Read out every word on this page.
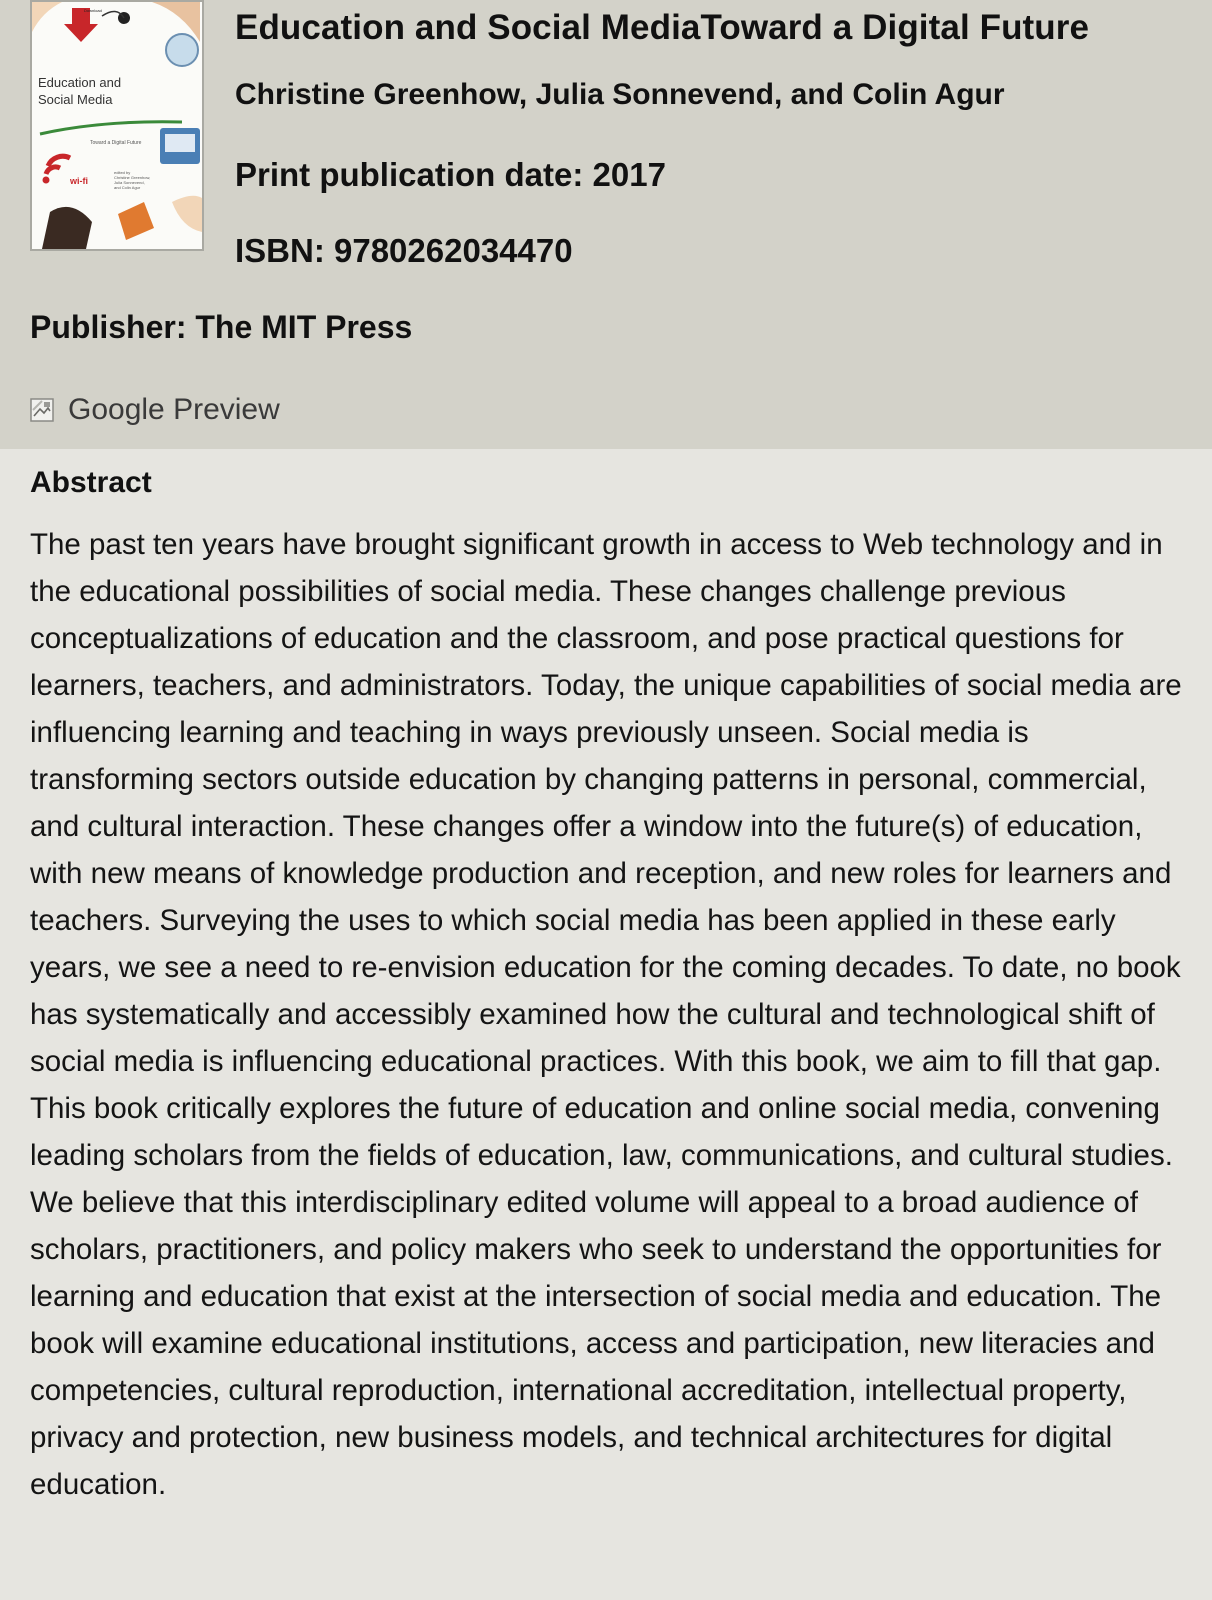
Education and
Social Media
Toward a Digital Future
wi-fi
edited by
Christine Greenhow,
Julia Sonnevend,
and Colin Agur
Download	Education and Social MediaToward a Digital Future
Christine Greenhow, Julia Sonnevend, and Colin Agur
Print publication date: 2017
ISBN: 9780262034470
Publisher: The MIT Press
Google Preview
Abstract
The past ten years have brought significant growth in access to Web technology and in the educational possibilities of social media. These changes challenge previous conceptualizations of education and the classroom, and pose practical questions for learners, teachers, and administrators. Today, the unique capabilities of social media are influencing learning and teaching in ways previously unseen. Social media is transforming sectors outside education by changing patterns in personal, commercial, and cultural interaction. These changes offer a window into the future(s) of education, with new means of knowledge production and reception, and new roles for learners and teachers. Surveying the uses to which social media has been applied in these early years, we see a need to re-envision education for the coming decades. To date, no book has systematically and accessibly examined how the cultural and technological shift of social media is influencing educational practices. With this book, we aim to fill that gap. This book critically explores the future of education and online social media, convening leading scholars from the fields of education, law, communications, and cultural studies. We believe that this interdisciplinary edited volume will appeal to a broad audience of scholars, practitioners, and policy makers who seek to understand the opportunities for learning and education that exist at the intersection of social media and education. The book will examine educational institutions, access and participation, new literacies and competencies, cultural reproduction, international accreditation, intellectual property, privacy and protection, new business models, and technical architectures for digital education.
